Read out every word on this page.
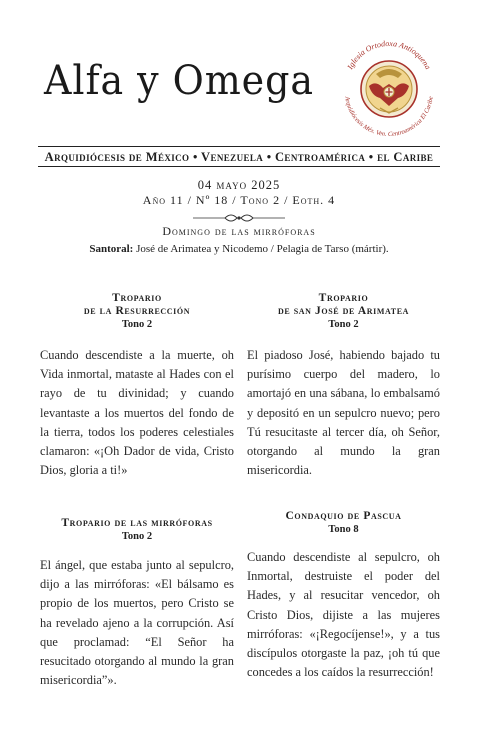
Alfa y Omega	Iglesia Ortodoxa Antioquena
Arquidiócesis Méx. Ven. Centroamérica El Caribe
Arquidiócesis de México • Venezuela • Centroamérica • el Caribe
04 mayo 2025
Año 11 / Nº 18 / Tono 2 / Eoth. 4
Domingo de las mirróforas
Santoral: José de Arimatea y Nicodemo / Pelagia de Tarso (mártir).
Tropario
de la Resurrección
Tono 2

Cuando descendiste a la muerte, oh Vida inmortal, mataste al Hades con el rayo de tu divinidad; y cuando levantaste a los muertos del fondo de la tierra, todos los poderes celestiales clamaron: «¡Oh Dador de vida, Cristo Dios, gloria a ti!»

Tropario
de san José de Arimatea
Tono 2

El piadoso José, habiendo bajado tu purísimo cuerpo del madero, lo amortajó en una sábana, lo embalsamó y depositó en un sepulcro nuevo; pero Tú resucitaste al tercer día, oh Señor, otorgando al mundo la gran misericordia.

Tropario de las mirróforas
Tono 2

El ángel, que estaba junto al sepulcro, dijo a las mirróforas: «El bálsamo es propio de los muertos, pero Cristo se ha revelado ajeno a la corrupción. Así que proclamad: “El Señor ha resucitado otorgando al mundo la gran misericordia”».

Condaquio de Pascua
Tono 8

Cuando descendiste al sepulcro, oh Inmortal, destruiste el poder del Hades, y al resucitar vencedor, oh Cristo Dios, dijiste a las mujeres mirróforas: «¡Regocíjense!», y a tus discípulos otorgaste la paz, ¡oh tú que concedes a los caídos la resurrección!
